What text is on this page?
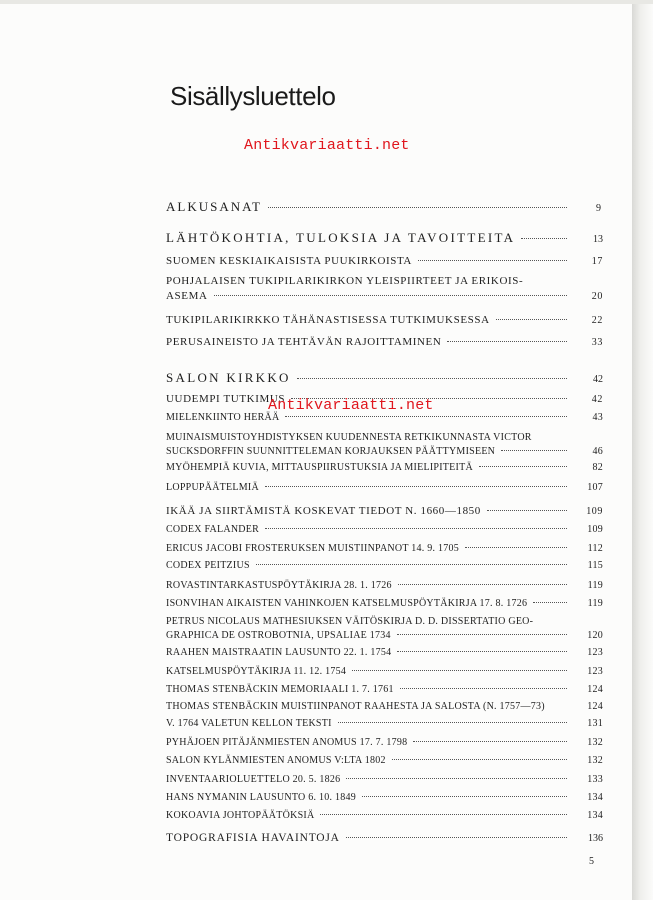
Sisällysluettelo
Antikvariaatti.net
Antikvariaatti.net
ALKUSANAT	9
LÄHTÖKOHTIA, TULOKSIA JA TAVOITTEITA	13
SUOMEN KESKIAIKAISISTA PUUKIRKOISTA	17
POHJALAISEN TUKIPILARIKIRKON YLEISPIIRTEET JA ERIKOIS-
ASEMA	20
TUKIPILARIKIRKKO TÄHÄNASTISESSA TUTKIMUKSESSA	22
PERUSAINEISTO JA TEHTÄVÄN RAJOITTAMINEN	33
SALON KIRKKO	42
UUDEMPI TUTKIMUS	42
MIELENKIINTO HERÄÄ	43
MUINAISMUISTOYHDISTYKSEN KUUDENNESTA RETKIKUNNASTA VICTOR
SUCKSDORFFIN SUUNNITTELEMAN KORJAUKSEN PÄÄTTYMISEEN	46
MYÖHEMPIÄ KUVIA, MITTAUSPIIRUSTUKSIA JA MIELIPITEITÄ	82
LOPPUPÄÄTELMIÄ	107
IKÄÄ JA SIIRTÄMISTÄ KOSKEVAT TIEDOT N. 1660—1850	109
CODEX FALANDER	109
ERICUS JACOBI FROSTERUKSEN MUISTIINPANOT 14. 9. 1705	112
CODEX PEITZIUS	115
ROVASTINTARKASTUSPÖYTÄKIRJA 28. 1. 1726	119
ISONVIHAN AIKAISTEN VAHINKOJEN KATSELMUSPÖYTÄKIRJA 17. 8. 1726	119
PETRUS NICOLAUS MATHESIUKSEN VÄITÖSKIRJA D. D. DISSERTATIO GEO-
GRAPHICA DE OSTROBOTNIA, UPSALIAE 1734	120
RAAHEN MAISTRAATIN LAUSUNTO 22. 1. 1754	123
KATSELMUSPÖYTÄKIRJA 11. 12. 1754	123
THOMAS STENBÄCKIN MEMORIAALI 1. 7. 1761	124
THOMAS STENBÄCKIN MUISTIINPANOT RAAHESTA JA SALOSTA (N. 1757—73)	124
V. 1764 VALETUN KELLON TEKSTI	131
PYHÄJOEN PITÄJÄNMIESTEN ANOMUS 17. 7. 1798	132
SALON KYLÄNMIESTEN ANOMUS V:LTA 1802	132
INVENTAARIOLUETTELO 20. 5. 1826	133
HANS NYMANIN LAUSUNTO 6. 10. 1849	134
KOKOAVIA JOHTOPÄÄTÖKSIÄ	134
TOPOGRAFISIA HAVAINTOJA	136
5
